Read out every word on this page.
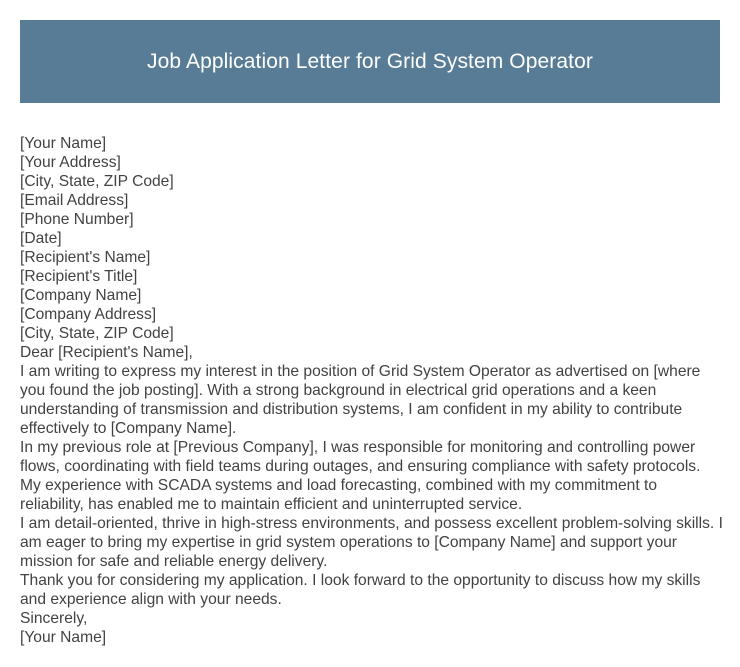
Job Application Letter for Grid System Operator

[Your Name]

[Your Address]

[City, State, ZIP Code]

[Email Address]

[Phone Number]

[Date]

[Recipient's Name]

[Recipient's Title]

[Company Name]

[Company Address]

[City, State, ZIP Code]

Dear [Recipient's Name],

I am writing to express my interest in the position of Grid System Operator as advertised on [where you found the job posting]. With a strong background in electrical grid operations and a keen understanding of transmission and distribution systems, I am confident in my ability to contribute effectively to [Company Name].

In my previous role at [Previous Company], I was responsible for monitoring and controlling power flows, coordinating with field teams during outages, and ensuring compliance with safety protocols. My experience with SCADA systems and load forecasting, combined with my commitment to reliability, has enabled me to maintain efficient and uninterrupted service.

I am detail-oriented, thrive in high-stress environments, and possess excellent problem-solving skills. I am eager to bring my expertise in grid system operations to [Company Name] and support your mission for safe and reliable energy delivery.

Thank you for considering my application. I look forward to the opportunity to discuss how my skills and experience align with your needs.

Sincerely,

[Your Name]
